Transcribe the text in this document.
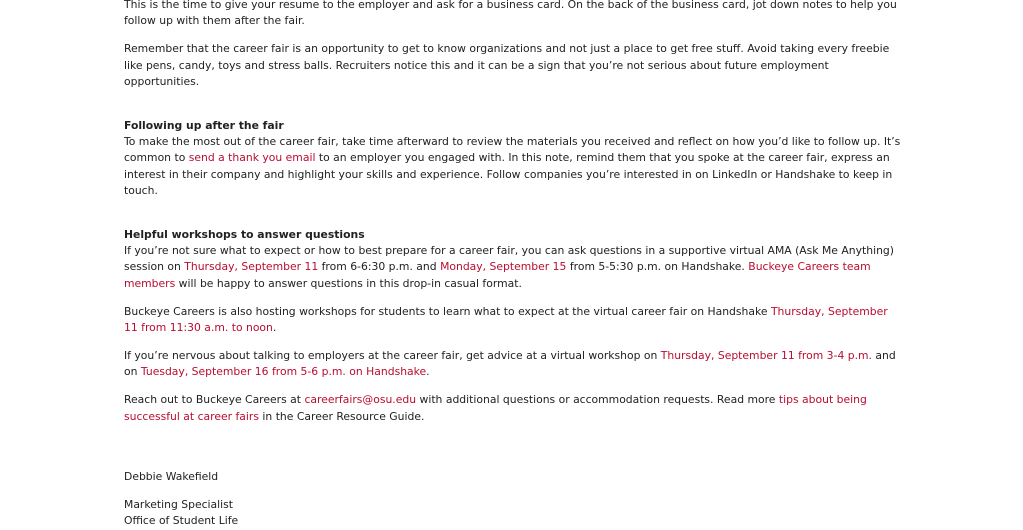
This is the time to give your resume to the employer and ask for a business card. On the back of the business card, jot down notes to help you follow up with them after the fair.

Remember that the career fair is an opportunity to get to know organizations and not just a place to get free stuff. Avoid taking every freebie like pens, candy, toys and stress balls. Recruiters notice this and it can be a sign that you’re not serious about future employment opportunities.

Following up after the fair
To make the most out of the career fair, take time afterward to review the materials you received and reflect on how you’d like to follow up. It’s common to send a thank you email to an employer you engaged with. In this note, remind them that you spoke at the career fair, express an interest in their company and highlight your skills and experience. Follow companies you’re interested in on LinkedIn or Handshake to keep in touch.

Helpful workshops to answer questions
If you’re not sure what to expect or how to best prepare for a career fair, you can ask questions in a supportive virtual AMA (Ask Me Anything) session on Thursday, September 11 from 6-6:30 p.m. and Monday, September 15 from 5-5:30 p.m. on Handshake. Buckeye Careers team members will be happy to answer questions in this drop-in casual format.

Buckeye Careers is also hosting workshops for students to learn what to expect at the virtual career fair on Handshake Thursday, September 11 from 11:30 a.m. to noon.

If you’re nervous about talking to employers at the career fair, get advice at a virtual workshop on Thursday, September 11 from 3-4 p.m. and on Tuesday, September 16 from 5-6 p.m. on Handshake.

Reach out to Buckeye Careers at careerfairs@osu.edu with additional questions or accommodation requests. Read more tips about being successful at career fairs in the Career Resource Guide.

Debbie Wakefield

Marketing Specialist
Office of Student Life
